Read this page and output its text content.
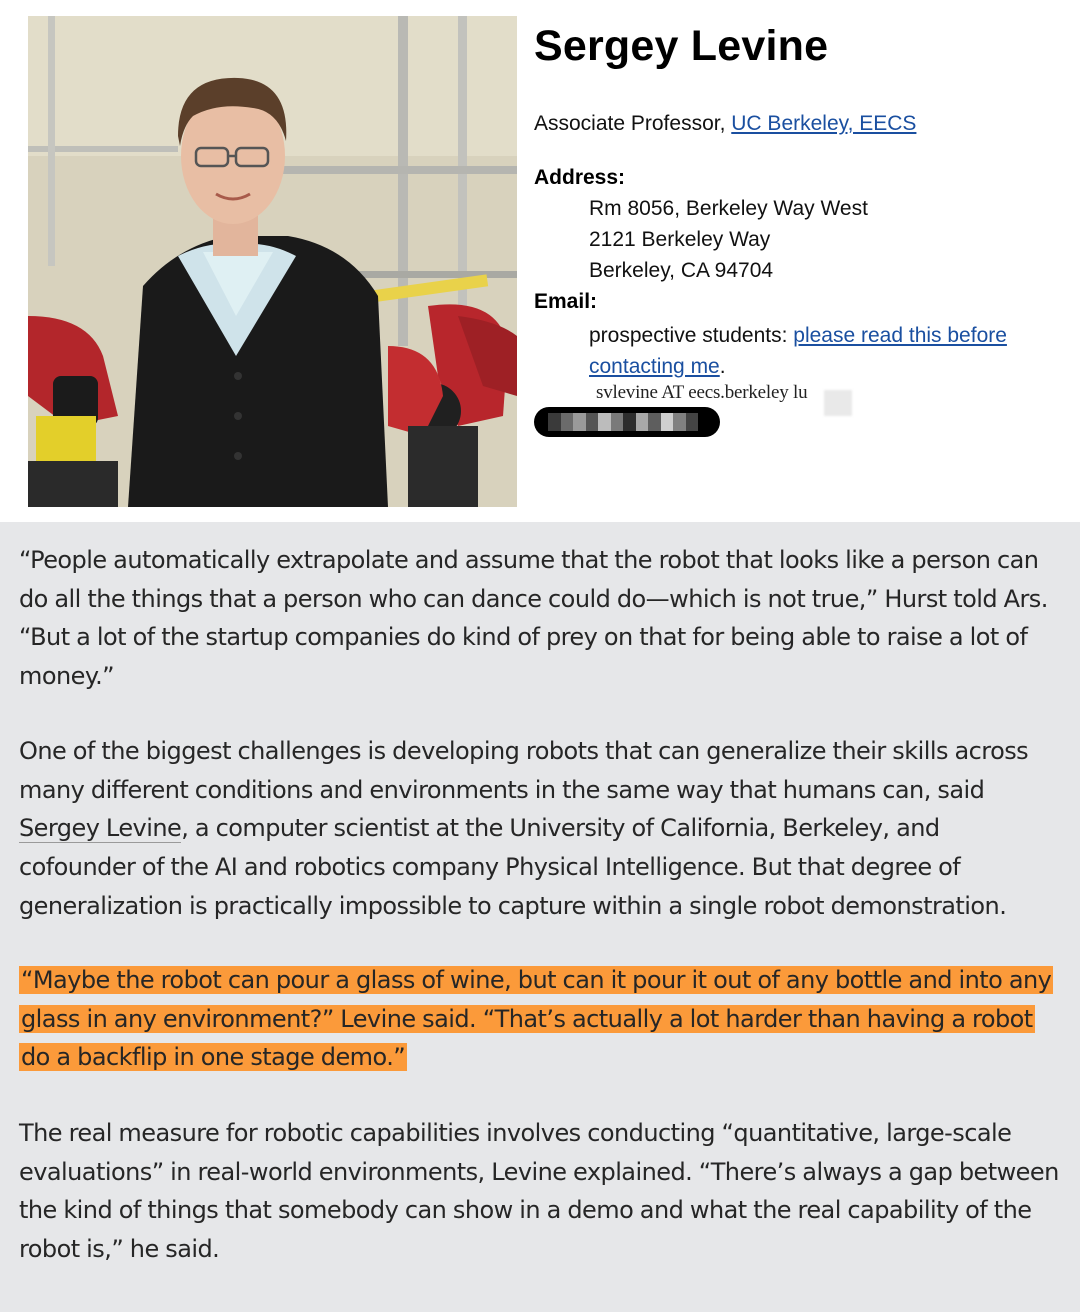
Sergey Levine
Associate Professor, UC Berkeley, EECS
Address:
Rm 8056, Berkeley Way West
2121 Berkeley Way
Berkeley, CA 94704
Email:
prospective students: please read this before contacting me.
svlevine AT eecs.berkeley lu

“People automatically extrapolate and assume that the robot that looks like a person can do all the things that a person who can dance could do—which is not true,” Hurst told Ars. “But a lot of the startup companies do kind of prey on that for being able to raise a lot of money.”

One of the biggest challenges is developing robots that can generalize their skills across many different conditions and environments in the same way that humans can, said Sergey Levine, a computer scientist at the University of California, Berkeley, and cofounder of the AI and robotics company Physical Intelligence. But that degree of generalization is practically impossible to capture within a single robot demonstration.

“Maybe the robot can pour a glass of wine, but can it pour it out of any bottle and into any glass in any environment?” Levine said. “That’s actually a lot harder than having a robot do a backflip in one stage demo.”

The real measure for robotic capabilities involves conducting “quantitative, large-scale evaluations” in real-world environments, Levine explained. “There’s always a gap between the kind of things that somebody can show in a demo and what the real capability of the robot is,” he said.
